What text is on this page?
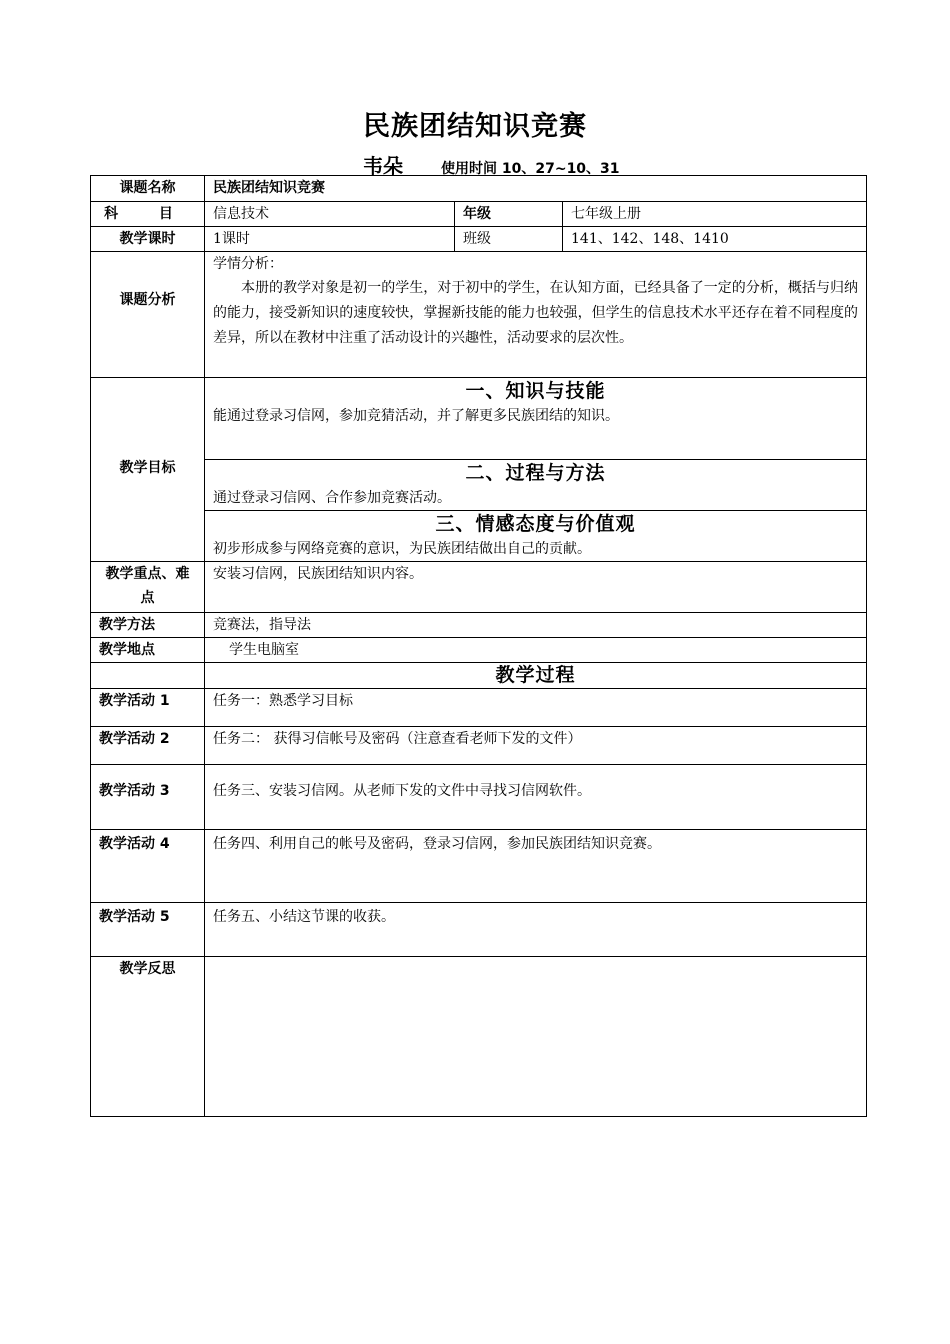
民族团结知识竞赛
韦朵	使用时间 10、27~10、31
课题名称	民族团结知识竞赛		
科 目	信息技术	年级	七年级上册
教学课时	1课时	班级	141、142、148、1410
课题分析	学情分析：
本册的教学对象是初一的学生，对于初中的学生，在认知方面，已经具备了一定的分析，概括与归纳的能力，接受新知识的速度较快，掌握新技能的能力也较强，但学生的信息技术水平还存在着不同程度的差异，所以在教材中注重了活动设计的兴趣性，活动要求的层次性。		

教学目标	一、知识与技能
能通过登录习信网，参加竞猜活动，并了解更多民族团结的知识。		

	二、过程与方法
通过登录习信网、合作参加竞赛活动。		

	三、情感态度与价值观
初步形成参与网络竞赛的意识，为民族团结做出自己的贡献。		

教学重点、难点	安装习信网，民族团结知识内容。		
教学方法	竞赛法，指导法		
教学地点	学生电脑室		
	教学过程		
教学活动 1	任务一：熟悉学习目标		
教学活动 2	任务二： 获得习信帐号及密码（注意查看老师下发的文件）		
教学活动 3	任务三、安装习信网。从老师下发的文件中寻找习信网软件。		
教学活动 4	任务四、利用自己的帐号及密码，登录习信网，参加民族团结知识竞赛。		
教学活动 5	任务五、小结这节课的收获。		
教学反思			
